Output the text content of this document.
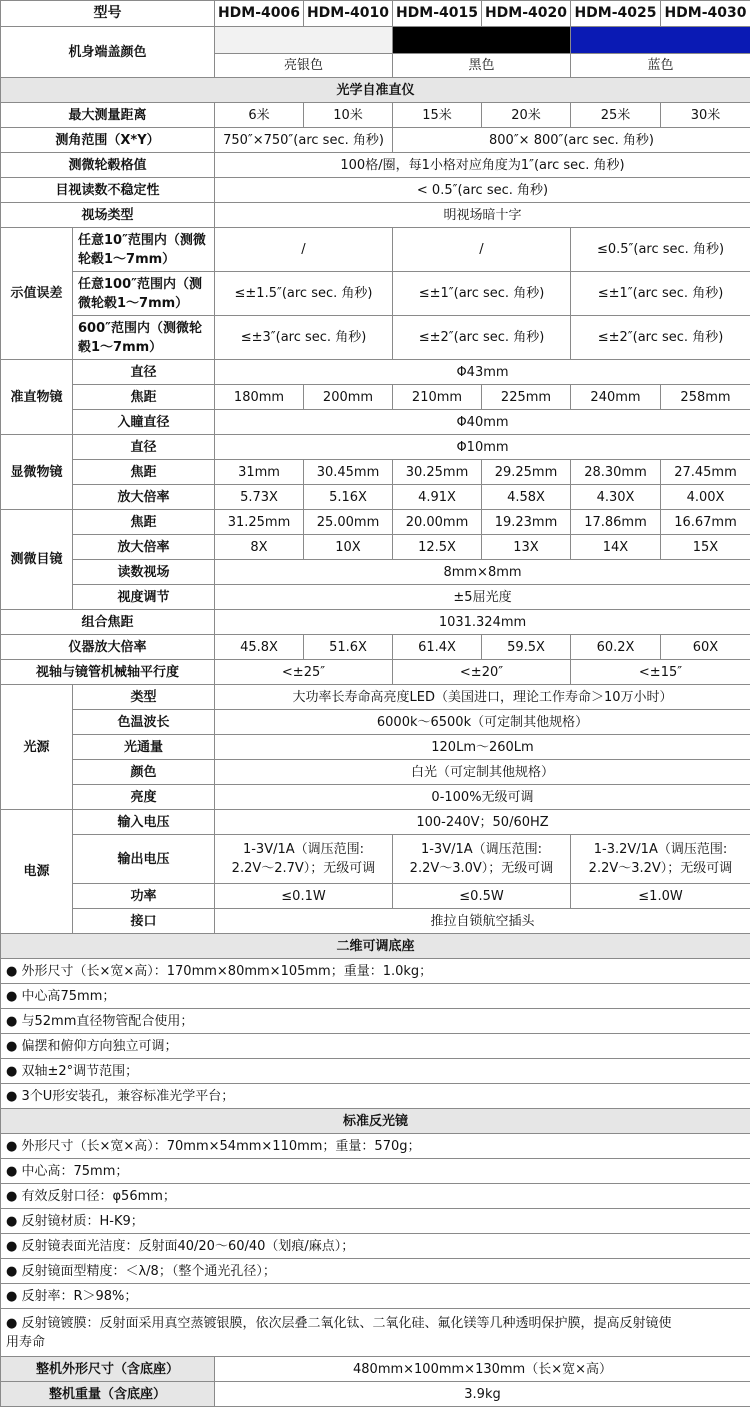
型号		HDM-4006	HDM-4010	HDM-4015	HDM-4020	HDM-4025	HDM-4030
机身端盖颜色							
		亮银色		黑色		蓝色	
光学自准直仪							
最大测量距离		6米	10米	15米	20米	25米	30米
测角范围（X*Y）		750″×750″(arc sec. 角秒)		800″× 800″(arc sec. 角秒)			
测微轮毂格值		100格/圈，每1小格对应角度为1″(arc sec. 角秒)					
目视读数不稳定性		< 0.5″(arc sec. 角秒)					
视场类型		明视场暗十字					
示值误差	任意10″范围内（测微轮毂1～7mm）	/		/		≤0.5″(arc sec. 角秒)	
	任意100″范围内（测微轮毂1～7mm）	≤±1.5″(arc sec. 角秒)		≤±1″(arc sec. 角秒)		≤±1″(arc sec. 角秒)	
	600″范围内（测微轮毂1～7mm）	≤±3″(arc sec. 角秒)		≤±2″(arc sec. 角秒)		≤±2″(arc sec. 角秒)	
准直物镜	直径	Φ43mm					
	焦距	180mm	200mm	210mm	225mm	240mm	258mm
	入瞳直径	Φ40mm					
显微物镜	直径	Φ10mm					
	焦距	31mm	30.45mm	30.25mm	29.25mm	28.30mm	27.45mm
	放大倍率	5.73X	5.16X	4.91X	4.58X	4.30X	4.00X
测微目镜	焦距	31.25mm	25.00mm	20.00mm	19.23mm	17.86mm	16.67mm
	放大倍率	8X	10X	12.5X	13X	14X	15X
	读数视场	8mm×8mm					
	视度调节	±5屈光度					
组合焦距		1031.324mm					
仪器放大倍率		45.8X	51.6X	61.4X	59.5X	60.2X	60X
视轴与镜管机械轴平行度		<±25″		<±20″		<±15″	
光源	类型	大功率长寿命高亮度LED（美国进口，理论工作寿命＞10万小时）					
	色温波长	6000k～6500k（可定制其他规格）					
	光通量	120Lm～260Lm					
	颜色	白光（可定制其他规格）					
	亮度	0-100%无级可调					
电源	输入电压	100-240V；50/60HZ					
	输出电压	1-3V/1A（调压范围:
2.2V～2.7V）；无级可调		1-3V/1A（调压范围:
2.2V～3.0V）；无级可调		1-3.2V/1A（调压范围:
2.2V～3.2V）；无级可调	
	功率	≤0.1W		≤0.5W		≤1.0W	
	接口	推拉自锁航空插头					
二维可调底座							
● 外形尺寸（长×宽×高）：170mm×80mm×105mm；重量：1.0kg；							
● 中心高75mm；							
● 与52mm直径物管配合使用；							
● 偏摆和俯仰方向独立可调；							
● 双轴±2°调节范围；							
● 3个U形安装孔，兼容标准光学平台；							
标准反光镜							
● 外形尺寸（长×宽×高）：70mm×54mm×110mm；重量：570g；							
● 中心高：75mm；							
● 有效反射口径：φ56mm；							
● 反射镜材质：H-K9；							
● 反射镜表面光洁度：反射面40/20～60/40（划痕/麻点）；							
● 反射镜面型精度：＜λ/8；（整个通光孔径）；							
● 反射率：R＞98%；							
● 反射镜镀膜：反射面采用真空蒸镀银膜，依次层叠二氧化钛、二氧化硅、氟化镁等几种透明保护膜，提高反射镜使
用寿命							
整机外形尺寸（含底座）		480mm×100mm×130mm（长×宽×高）					
整机重量（含底座）		3.9kg					
